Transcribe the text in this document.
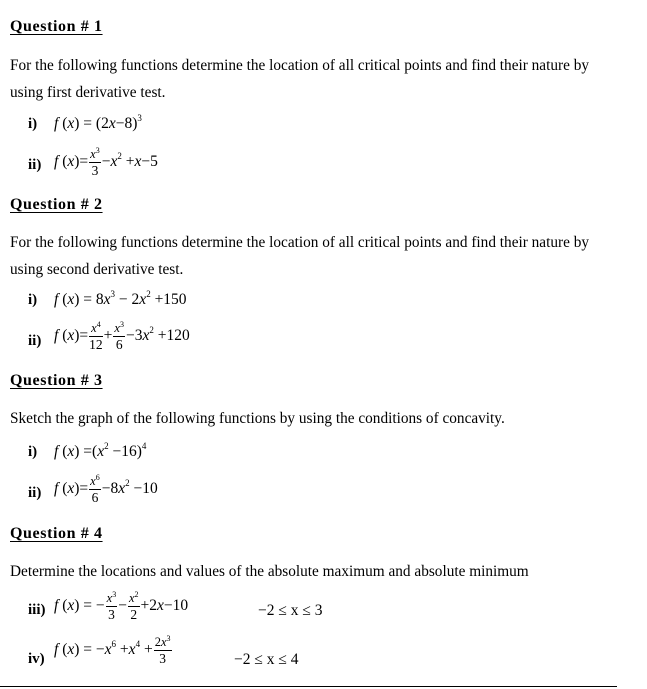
Question # 1
For the following functions determine the location of all critical points and find their nature by using first derivative test.
i) f $(x) = (2x-8)^3$
ii) f $(x)= \frac{x^3}{3} -x^2 +x-5$
Question # 2
For the following functions determine the location of all critical points and find their nature by using second derivative test.
i) f $(x) = 8x^3 - 2x^2 +150$
ii) f $(x)= \frac{x^4}{12} + \frac{x^3}{6} -3x^2 +120$
Question # 3
Sketch the graph of the following functions by using the conditions of concavity.
i) f $(x) =(x^2 -16)^4$
ii) f $(x)= \frac{x^6}{6} -8x^2 -10$
Question # 4
Determine the locations and values of the absolute maximum and absolute minimum
iii) f (x) = − $\frac{x^3}{3} - \frac{x^2}{2} +2x-10$	−2 ≤ x ≤ 3
iv)
f $(x) = -x^6 +x^4 + \frac{2x^3}{3}$	−2 ≤ x ≤ 4
